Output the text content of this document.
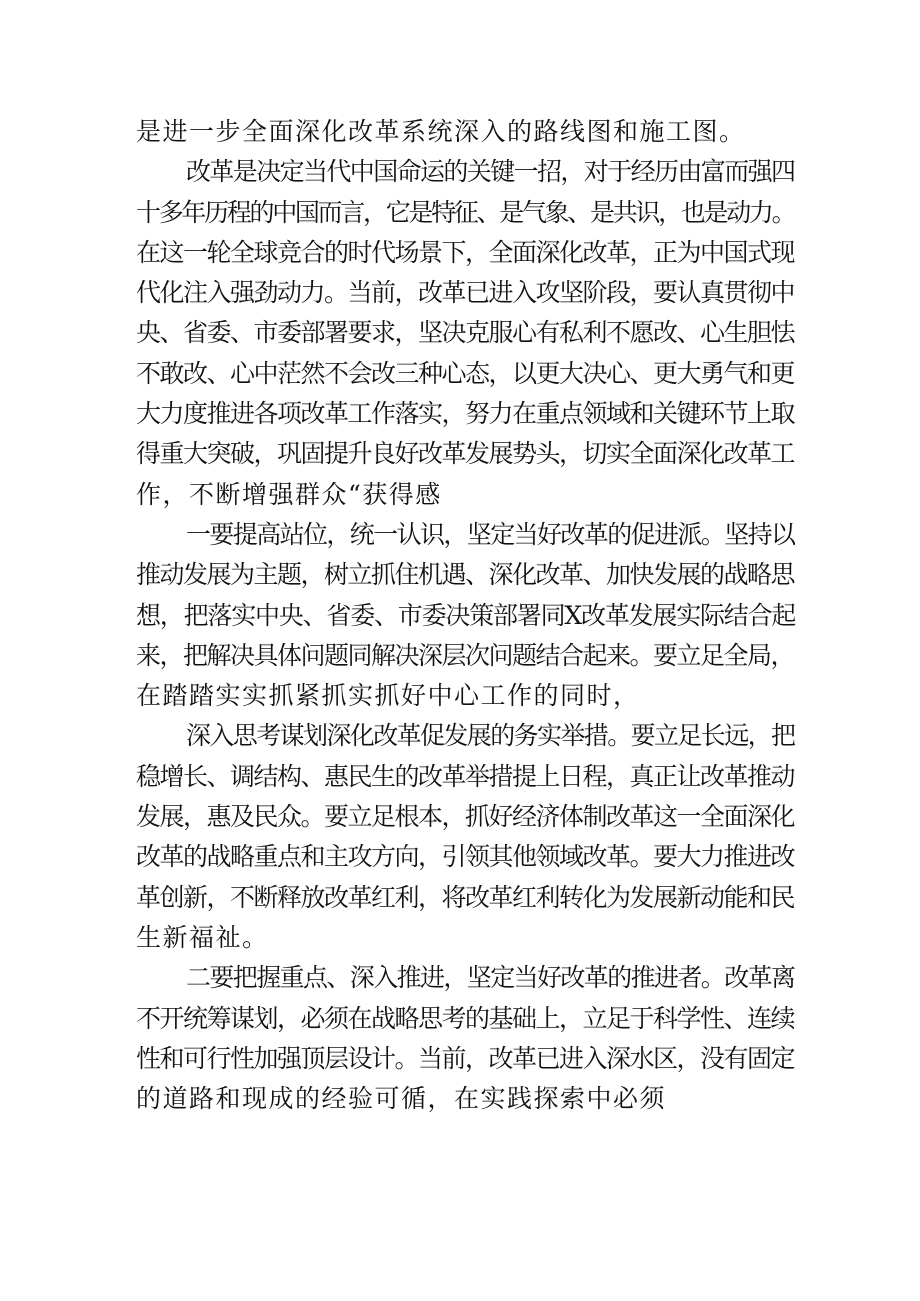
是进一步全面深化改革系统深入的路线图和施工图。
改革是决定当代中国命运的关键一招，对于经历由富而强四
十多年历程的中国而言，它是特征、是气象、是共识，也是动力。
在这一轮全球竞合的时代场景下，全面深化改革，正为中国式现
代化注入强劲动力。当前，改革已进入攻坚阶段，要认真贯彻中
央、省委、市委部署要求，坚决克服心有私利不愿改、心生胆怯
不敢改、心中茫然不会改三种心态，以更大决心、更大勇气和更
大力度推进各项改革工作落实，努力在重点领域和关键环节上取
得重大突破，巩固提升良好改革发展势头，切实全面深化改革工
作，不断增强群众“获得感
一要提高站位，统一认识，坚定当好改革的促进派。坚持以
推动发展为主题，树立抓住机遇、深化改革、加快发展的战略思
想，把落实中央、省委、市委决策部署同X改革发展实际结合起
来，把解决具体问题同解决深层次问题结合起来。要立足全局，
在踏踏实实抓紧抓实抓好中心工作的同时，
深入思考谋划深化改革促发展的务实举措。要立足长远，把
稳增长、调结构、惠民生的改革举措提上日程，真正让改革推动
发展，惠及民众。要立足根本，抓好经济体制改革这一全面深化
改革的战略重点和主攻方向，引领其他领域改革。要大力推进改
革创新，不断释放改革红利，将改革红利转化为发展新动能和民
生新福祉。
二要把握重点、深入推进，坚定当好改革的推进者。改革离
不开统筹谋划，必须在战略思考的基础上，立足于科学性、连续
性和可行性加强顶层设计。当前，改革已进入深水区，没有固定
的道路和现成的经验可循，在实践探索中必须
